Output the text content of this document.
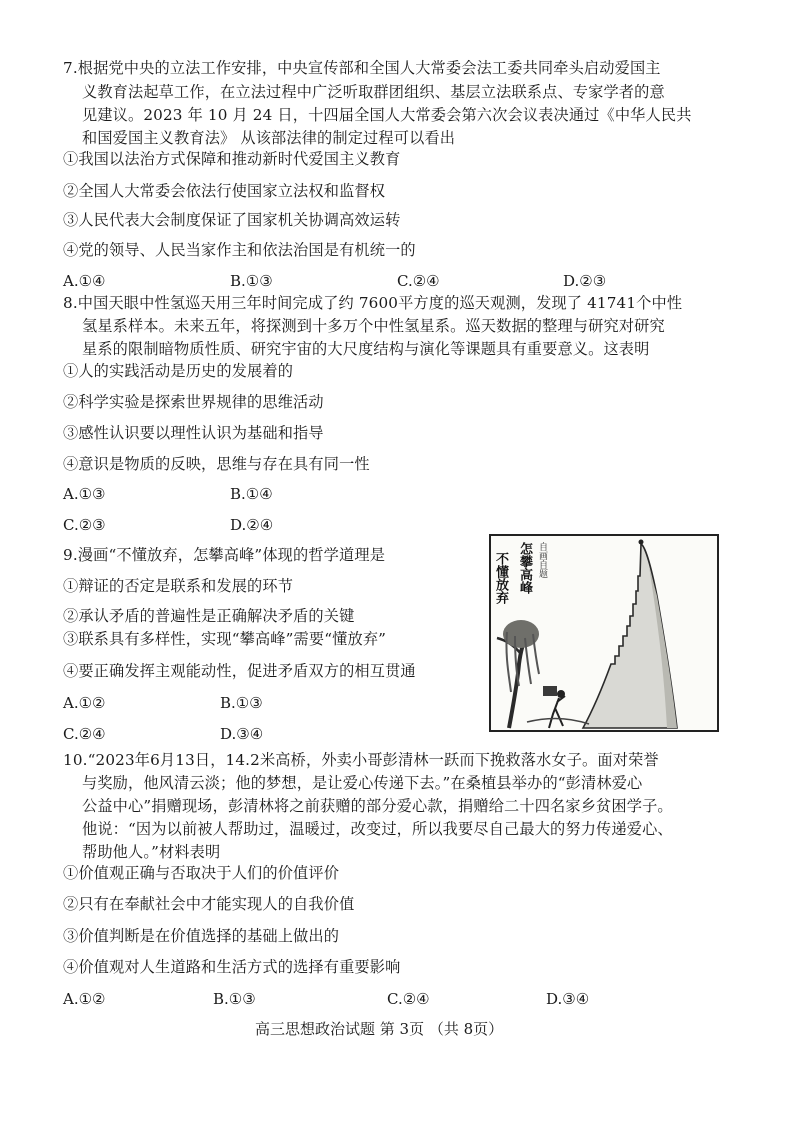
7.根据党中央的立法工作安排，中央宣传部和全国人大常委会法工委共同牵头启动爱国主
义教育法起草工作，在立法过程中广泛听取群团组织、基层立法联系点、专家学者的意
见建议。2023 年 10 月 24 日，十四届全国人大常委会第六次会议表决通过《中华人民共
和国爱国主义教育法》 从该部法律的制定过程可以看出
①我国以法治方式保障和推动新时代爱国主义教育
②全国人大常委会依法行使国家立法权和监督权
③人民代表大会制度保证了国家机关协调高效运转
④党的领导、人民当家作主和依法治国是有机统一的
A.①④	B.①③	C.②④	D.②③
8.中国天眼中性氢巡天用三年时间完成了约 7600平方度的巡天观测，发现了 41741个中性
氢星系样本。未来五年，将探测到十多万个中性氢星系。巡天数据的整理与研究对研究
星系的限制暗物质性质、研究宇宙的大尺度结构与演化等课题具有重要意义。这表明
①人的实践活动是历史的发展着的
②科学实验是探索世界规律的思维活动
③感性认识要以理性认识为基础和指导
④意识是物质的反映，思维与存在具有同一性
A.①③	B.①④
C.②③	D.②④
9.漫画“不懂放弃，怎攀高峰”体现的哲学道理是
①辩证的否定是联系和发展的环节
②承认矛盾的普遍性是正确解决矛盾的关键
③联系具有多样性，实现“攀高峰”需要“懂放弃”
④要正确发挥主观能动性，促进矛盾双方的相互贯通
A.①②	B.①③
C.②④	D.③④
不懂放弃 怎攀高峰 自画自题
10.“2023年6月13日，14.2米高桥，外卖小哥彭清林一跃而下挽救落水女子。面对荣誉
与奖励，他风清云淡；他的梦想，是让爱心传递下去。”在桑植县举办的“彭清林爱心
公益中心”捐赠现场，彭清林将之前获赠的部分爱心款，捐赠给二十四名家乡贫困学子。
他说：“因为以前被人帮助过，温暖过，改变过，所以我要尽自己最大的努力传递爱心、
帮助他人。”材料表明
①价值观正确与否取决于人们的价值评价
②只有在奉献社会中才能实现人的自我价值
③价值判断是在价值选择的基础上做出的
④价值观对人生道路和生活方式的选择有重要影响
A.①②	B.①③	C.②④	D.③④
高三思想政治试题 第 3页 （共 8页）
